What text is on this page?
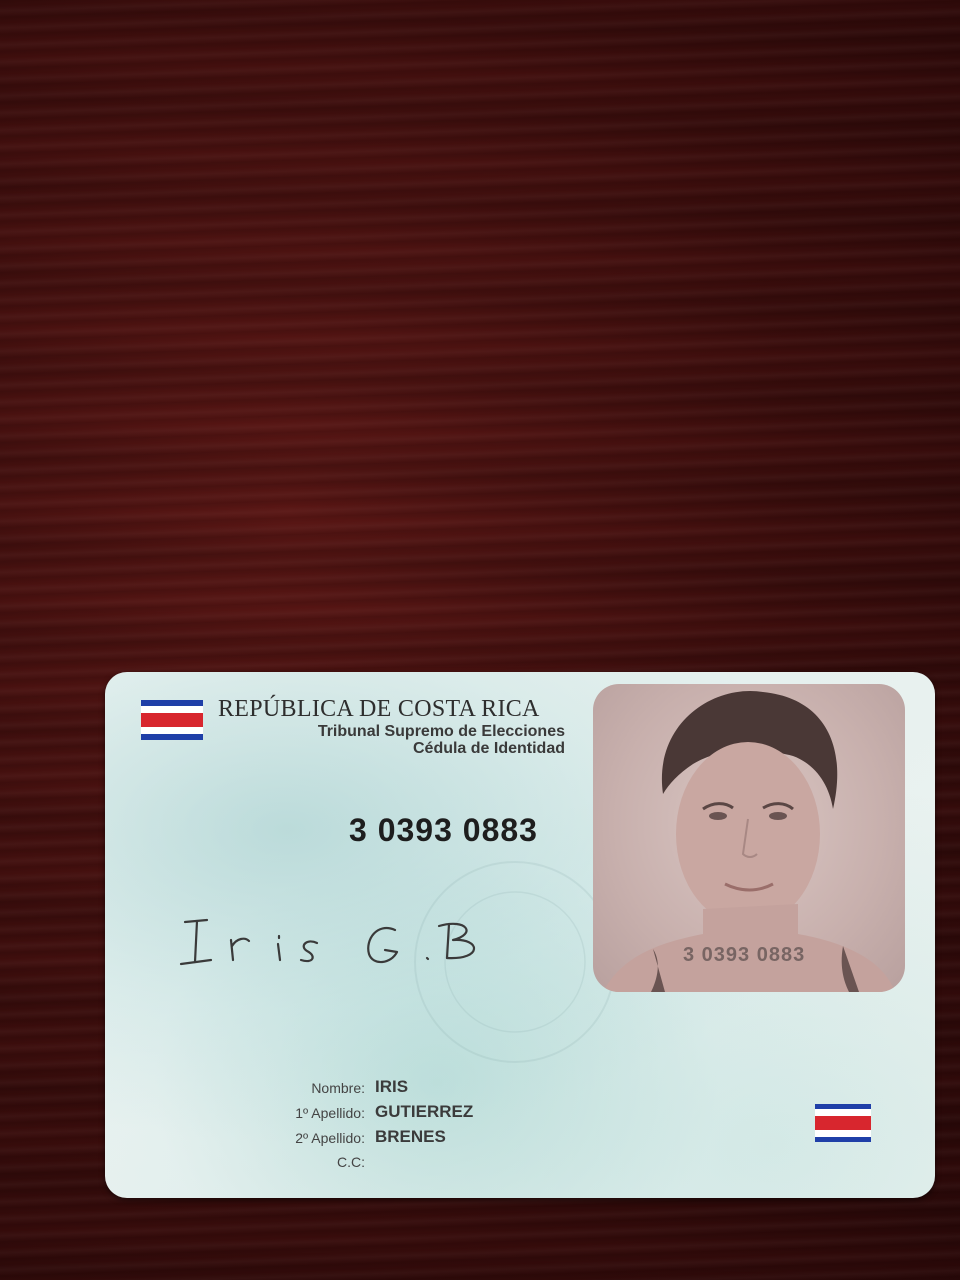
REPÚBLICA DE COSTA RICA
Tribunal Supremo de Elecciones
Cédula de Identidad
3 0393 0883
3 0393 0883
Nombre: IRIS
1º Apellido: GUTIERREZ
2º Apellido: BRENES
C.C:
